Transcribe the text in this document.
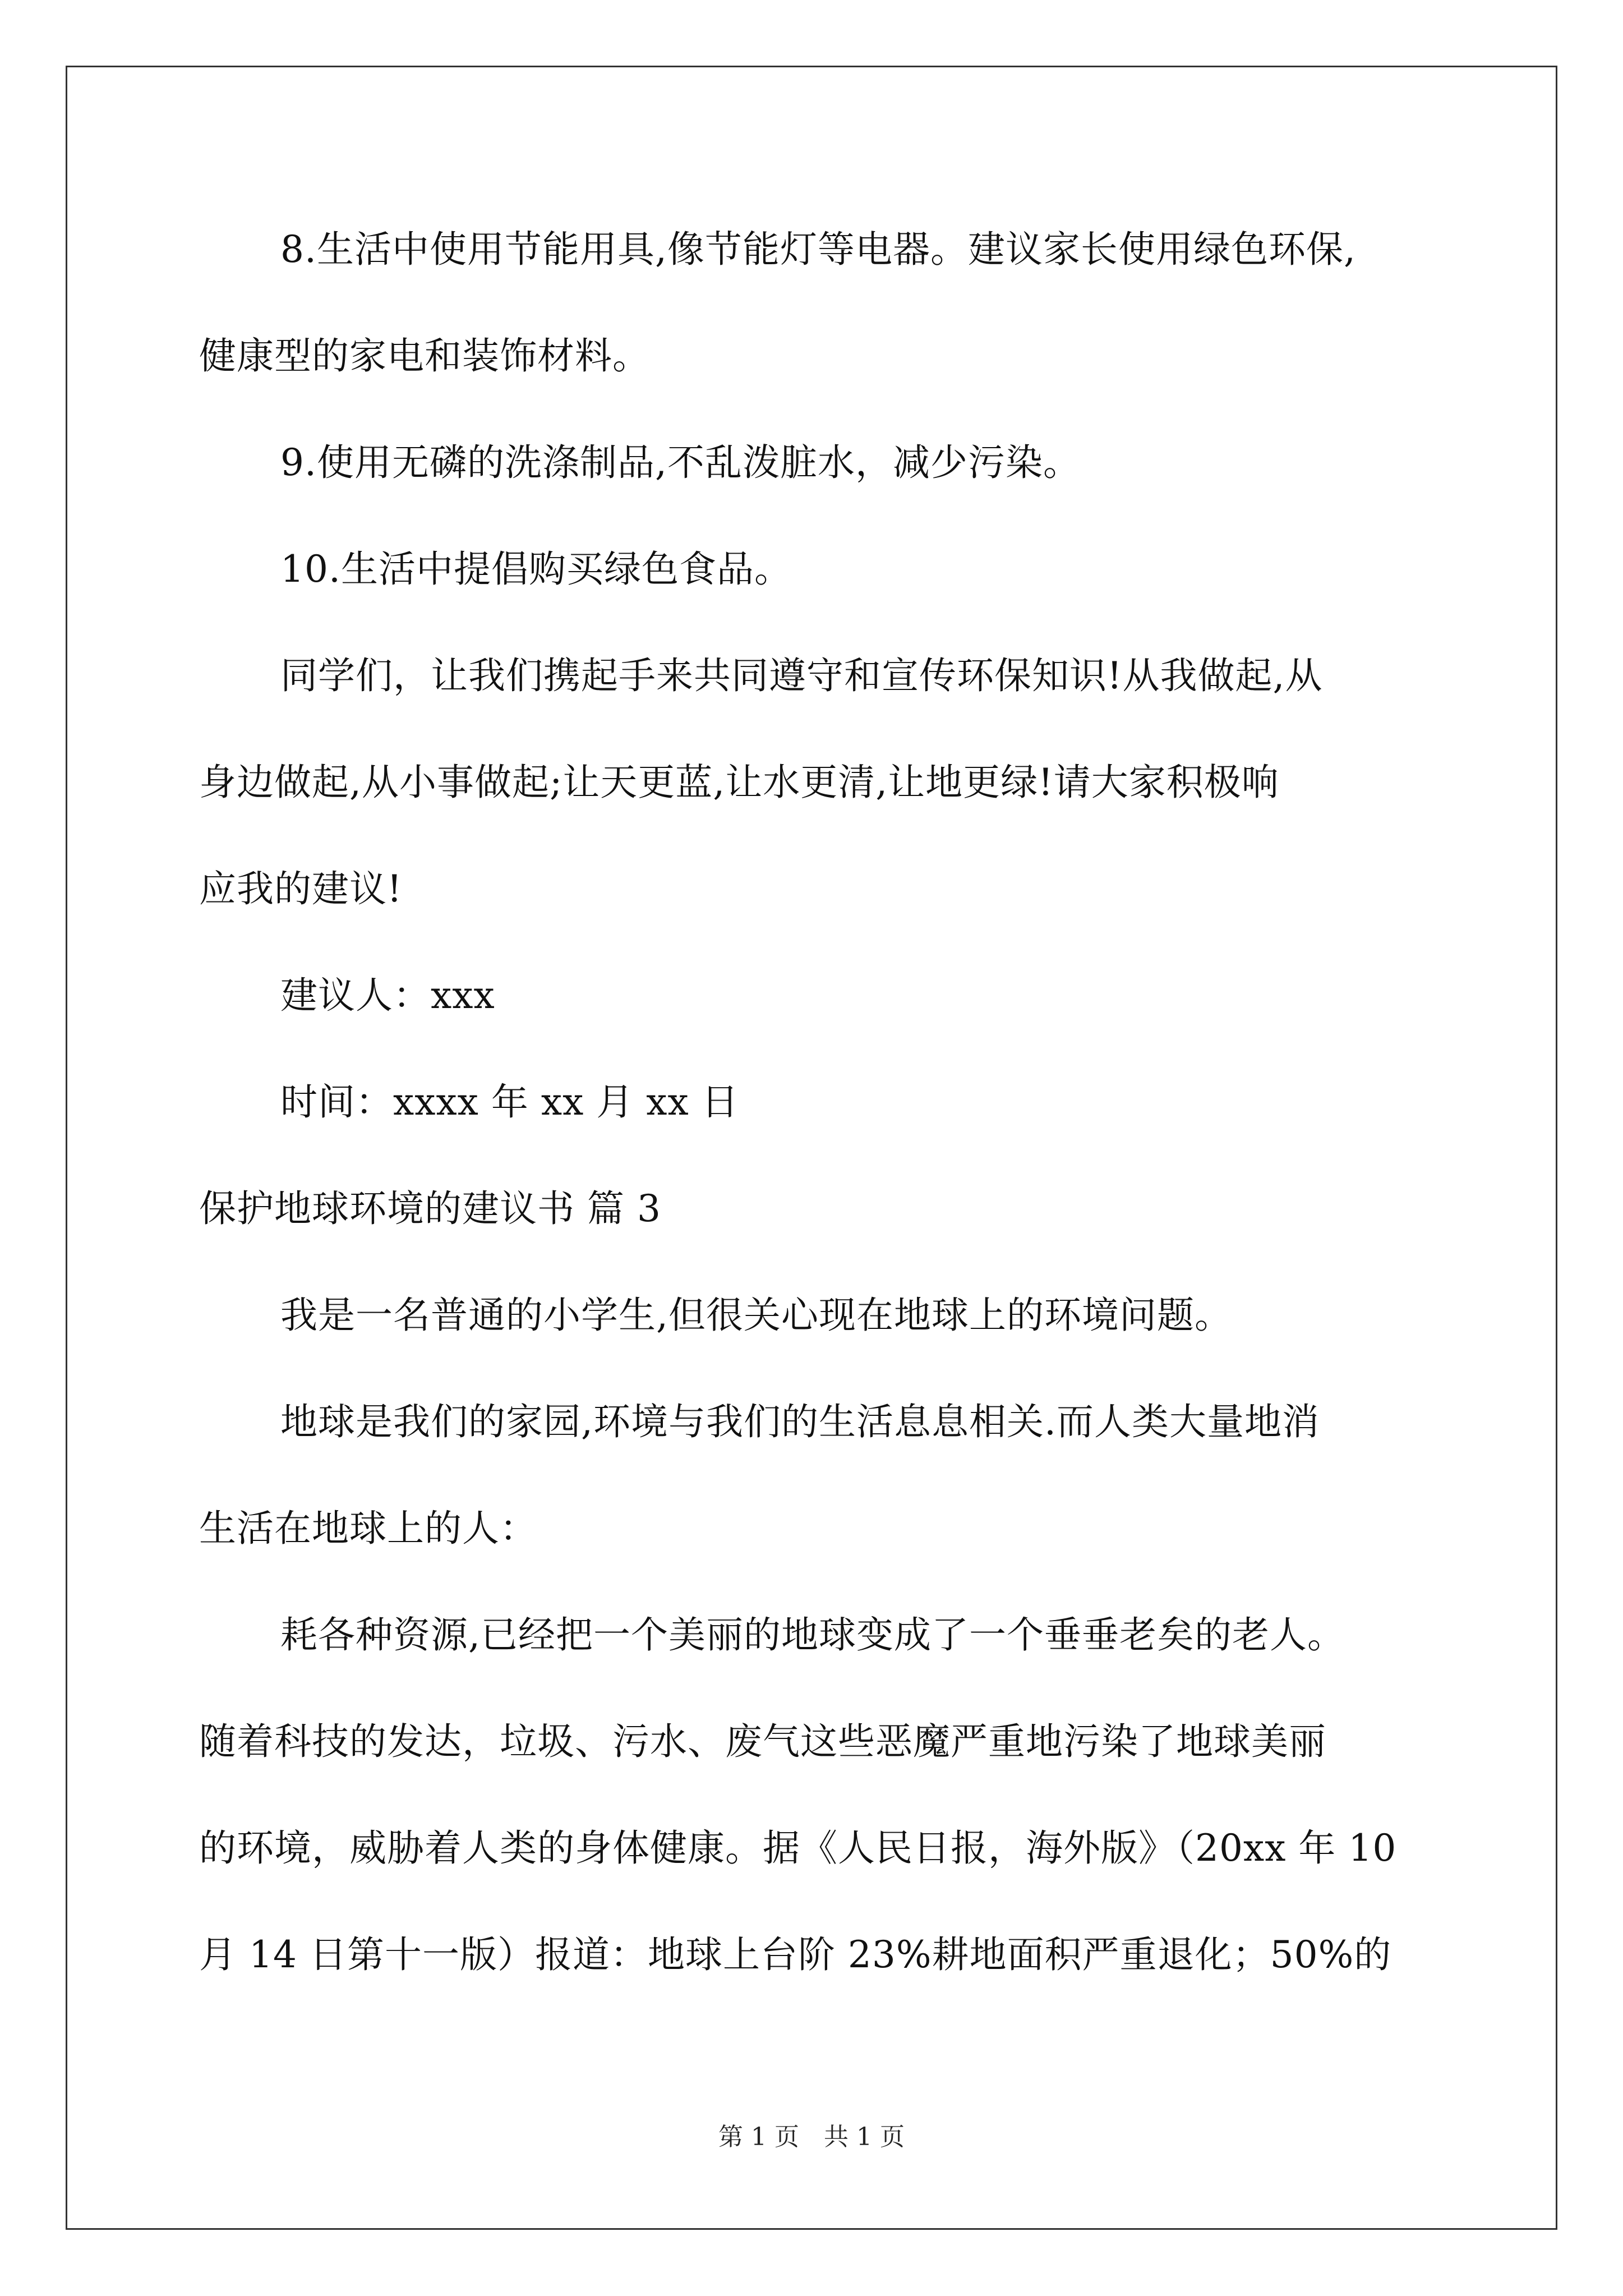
8.生活中使用节能用具,像节能灯等电器。建议家长使用绿色环保,
健康型的家电和装饰材料。
9.使用无磷的洗涤制品,不乱泼脏水，减少污染。
10.生活中提倡购买绿色食品。
同学们，让我们携起手来共同遵守和宣传环保知识!从我做起,从
身边做起,从小事做起;让天更蓝,让水更清,让地更绿!请大家积极响
应我的建议!
建议人：xxx
时间：xxxx 年 xx 月 xx 日
保护地球环境的建议书 篇 3
我是一名普通的小学生,但很关心现在地球上的环境问题。
地球是我们的家园,环境与我们的生活息息相关.而人类大量地消
生活在地球上的人：
耗各种资源,已经把一个美丽的地球变成了一个垂垂老矣的老人。
随着科技的发达，垃圾、污水、废气这些恶魔严重地污染了地球美丽
的环境，威胁着人类的身体健康。据《人民日报，海外版》（20xx 年 10
月 14 日第十一版）报道：地球上台阶 23%耕地面积严重退化；50%的
第 1 页　共 1 页
